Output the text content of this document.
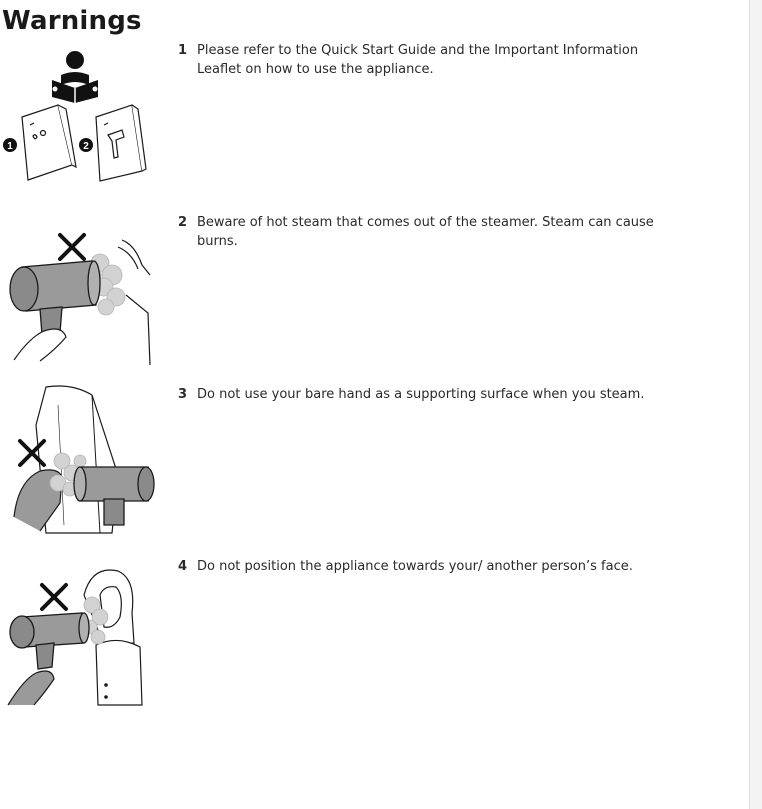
Warnings
1 Please refer to the Quick Start Guide and the Important Information Leaflet on how to use the appliance.
1	2
2 Beware of hot steam that comes out of the steamer. Steam can cause burns.
3 Do not use your bare hand as a supporting surface when you steam.
4 Do not position the appliance towards your/ another person’s face.
